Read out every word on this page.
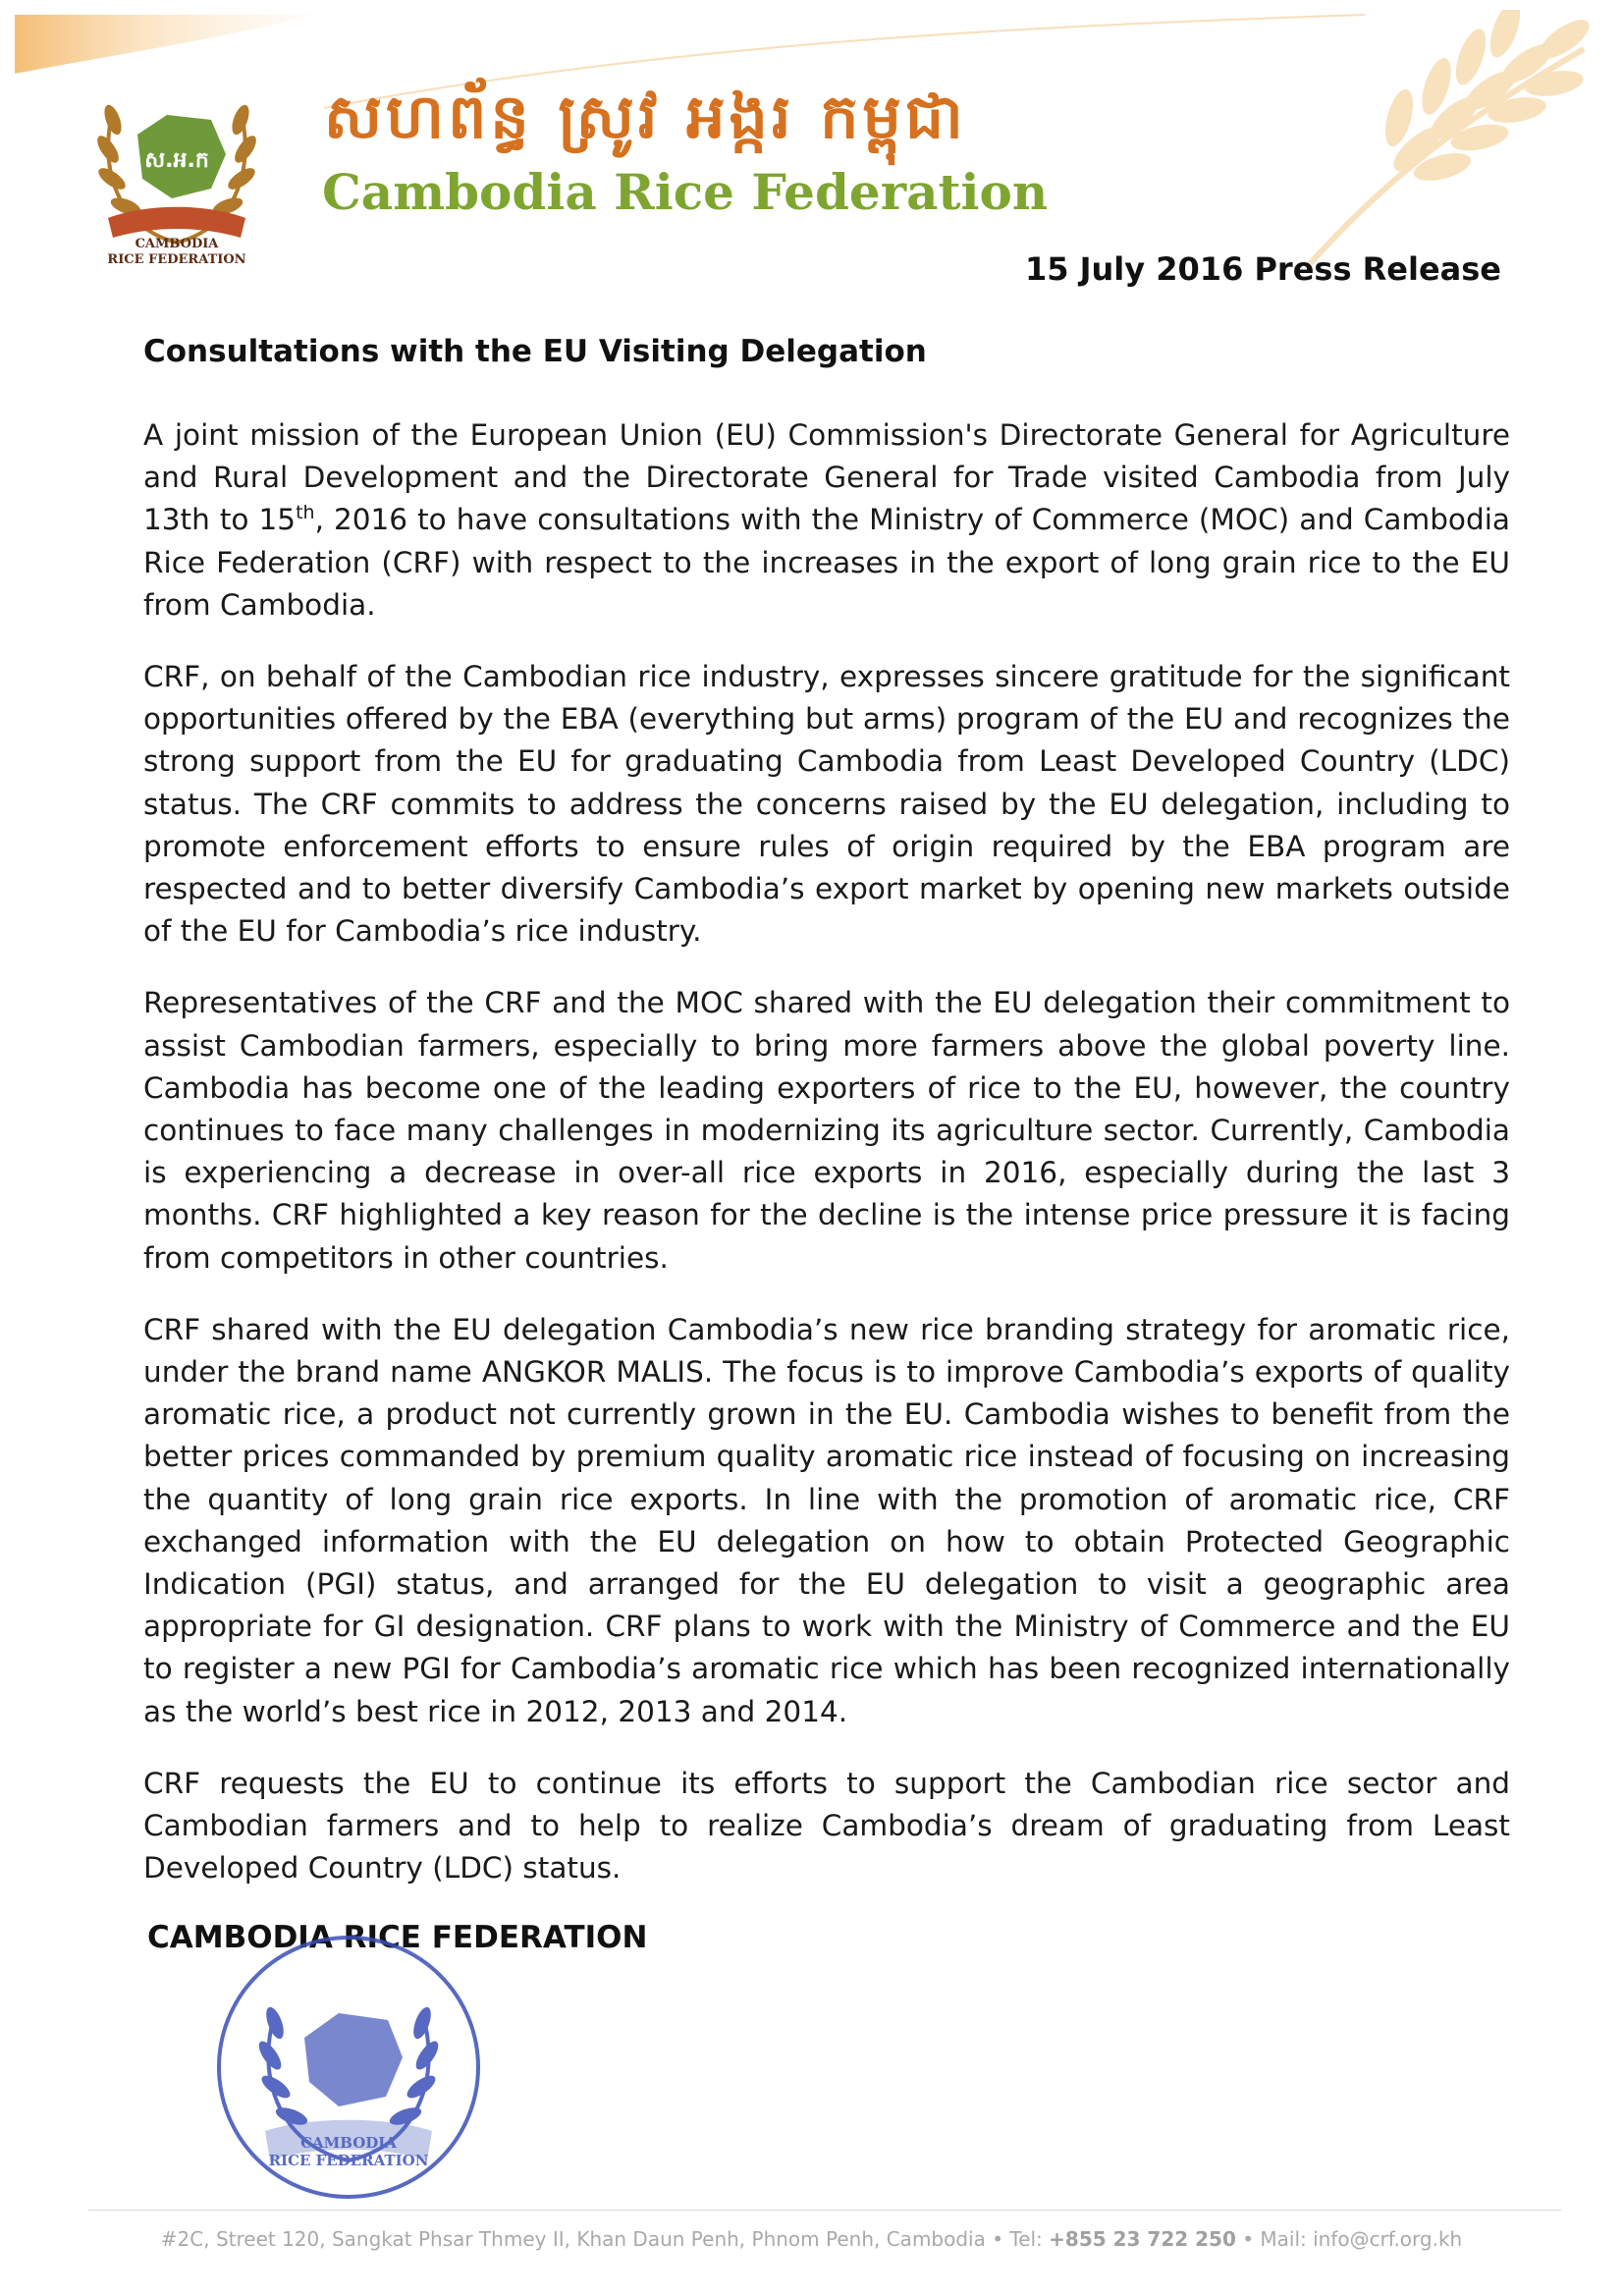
ស.អ.ក
CAMBODIA
RICE FEDERATION
សហព័ន្ធ ស្រូវ អង្ករ កម្ពុជា
Cambodia Rice Federation
15 July 2016 Press Release
Consultations with the EU Visiting Delegation

A joint mission of the European Union (EU) Commission's Directorate General for Agriculture and Rural Development and the Directorate General for Trade visited Cambodia from July 13th to 15th, 2016 to have consultations with the Ministry of Commerce (MOC) and Cambodia Rice Federation (CRF) with respect to the increases in the export of long grain rice to the EU from Cambodia.

CRF, on behalf of the Cambodian rice industry, expresses sincere gratitude for the significant opportunities offered by the EBA (everything but arms) program of the EU and recognizes the strong support from the EU for graduating Cambodia from Least Developed Country (LDC) status. The CRF commits to address the concerns raised by the EU delegation, including to promote enforcement efforts to ensure rules of origin required by the EBA program are respected and to better diversify Cambodia’s export market by opening new markets outside of the EU for Cambodia’s rice industry.

Representatives of the CRF and the MOC shared with the EU delegation their commitment to assist Cambodian farmers, especially to bring more farmers above the global poverty line. Cambodia has become one of the leading exporters of rice to the EU, however, the country continues to face many challenges in modernizing its agriculture sector. Currently, Cambodia is experiencing a decrease in over-all rice exports in 2016, especially during the last 3 months. CRF highlighted a key reason for the decline is the intense price pressure it is facing from competitors in other countries.

CRF shared with the EU delegation Cambodia’s new rice branding strategy for aromatic rice, under the brand name ANGKOR MALIS. The focus is to improve Cambodia’s exports of quality aromatic rice, a product not currently grown in the EU. Cambodia wishes to benefit from the better prices commanded by premium quality aromatic rice instead of focusing on increasing the quantity of long grain rice exports. In line with the promotion of aromatic rice, CRF exchanged information with the EU delegation on how to obtain Protected Geographic Indication (PGI) status, and arranged for the EU delegation to visit a geographic area appropriate for GI designation. CRF plans to work with the Ministry of Commerce and the EU to register a new PGI for Cambodia’s aromatic rice which has been recognized internationally as the world’s best rice in 2012, 2013 and 2014.

CRF requests the EU to continue its efforts to support the Cambodian rice sector and Cambodian farmers and to help to realize Cambodia’s dream of graduating from Least Developed Country (LDC) status.

CAMBODIA RICE FEDERATION
CAMBODIA
RICE FEDERATION
#2C, Street 120, Sangkat Phsar Thmey II, Khan Daun Penh, Phnom Penh, Cambodia • Tel: +855 23 722 250 • Mail: info@crf.org.kh
